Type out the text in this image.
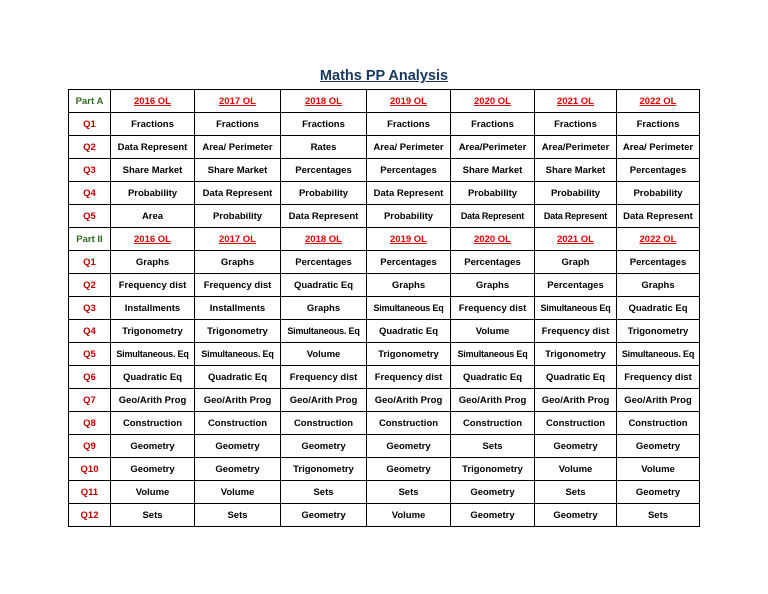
Maths PP Analysis
Part A	2016 OL	2017 OL	2018 OL	2019 OL	2020 OL	2021 OL	2022 OL
Q1	Fractions	Fractions	Fractions	Fractions	Fractions	Fractions	Fractions
Q2	Data Represent	Area/ Perimeter	Rates	Area/ Perimeter	Area/Perimeter	Area/Perimeter	Area/ Perimeter
Q3	Share Market	Share Market	Percentages	Percentages	Share Market	Share Market	Percentages
Q4	Probability	Data Represent	Probability	Data Represent	Probability	Probability	Probability
Q5	Area	Probability	Data Represent	Probability	Data Represent	Data Represent	Data Represent
Part II	2016 OL	2017 OL	2018 OL	2019 OL	2020 OL	2021 OL	2022 OL
Q1	Graphs	Graphs	Percentages	Percentages	Percentages	Graph	Percentages
Q2	Frequency dist	Frequency dist	Quadratic Eq	Graphs	Graphs	Percentages	Graphs
Q3	Installments	Installments	Graphs	Simultaneous Eq	Frequency dist	Simultaneous Eq	Quadratic Eq
Q4	Trigonometry	Trigonometry	Simultaneous. Eq	Quadratic Eq	Volume	Frequency dist	Trigonometry
Q5	Simultaneous. Eq	Simultaneous. Eq	Volume	Trigonometry	Simultaneous Eq	Trigonometry	Simultaneous. Eq
Q6	Quadratic Eq	Quadratic Eq	Frequency dist	Frequency dist	Quadratic Eq	Quadratic Eq	Frequency dist
Q7	Geo/Arith Prog	Geo/Arith Prog	Geo/Arith Prog	Geo/Arith Prog	Geo/Arith Prog	Geo/Arith Prog	Geo/Arith Prog
Q8	Construction	Construction	Construction	Construction	Construction	Construction	Construction
Q9	Geometry	Geometry	Geometry	Geometry	Sets	Geometry	Geometry
Q10	Geometry	Geometry	Trigonometry	Geometry	Trigonometry	Volume	Volume
Q11	Volume	Volume	Sets	Sets	Geometry	Sets	Geometry
Q12	Sets	Sets	Geometry	Volume	Geometry	Geometry	Sets
